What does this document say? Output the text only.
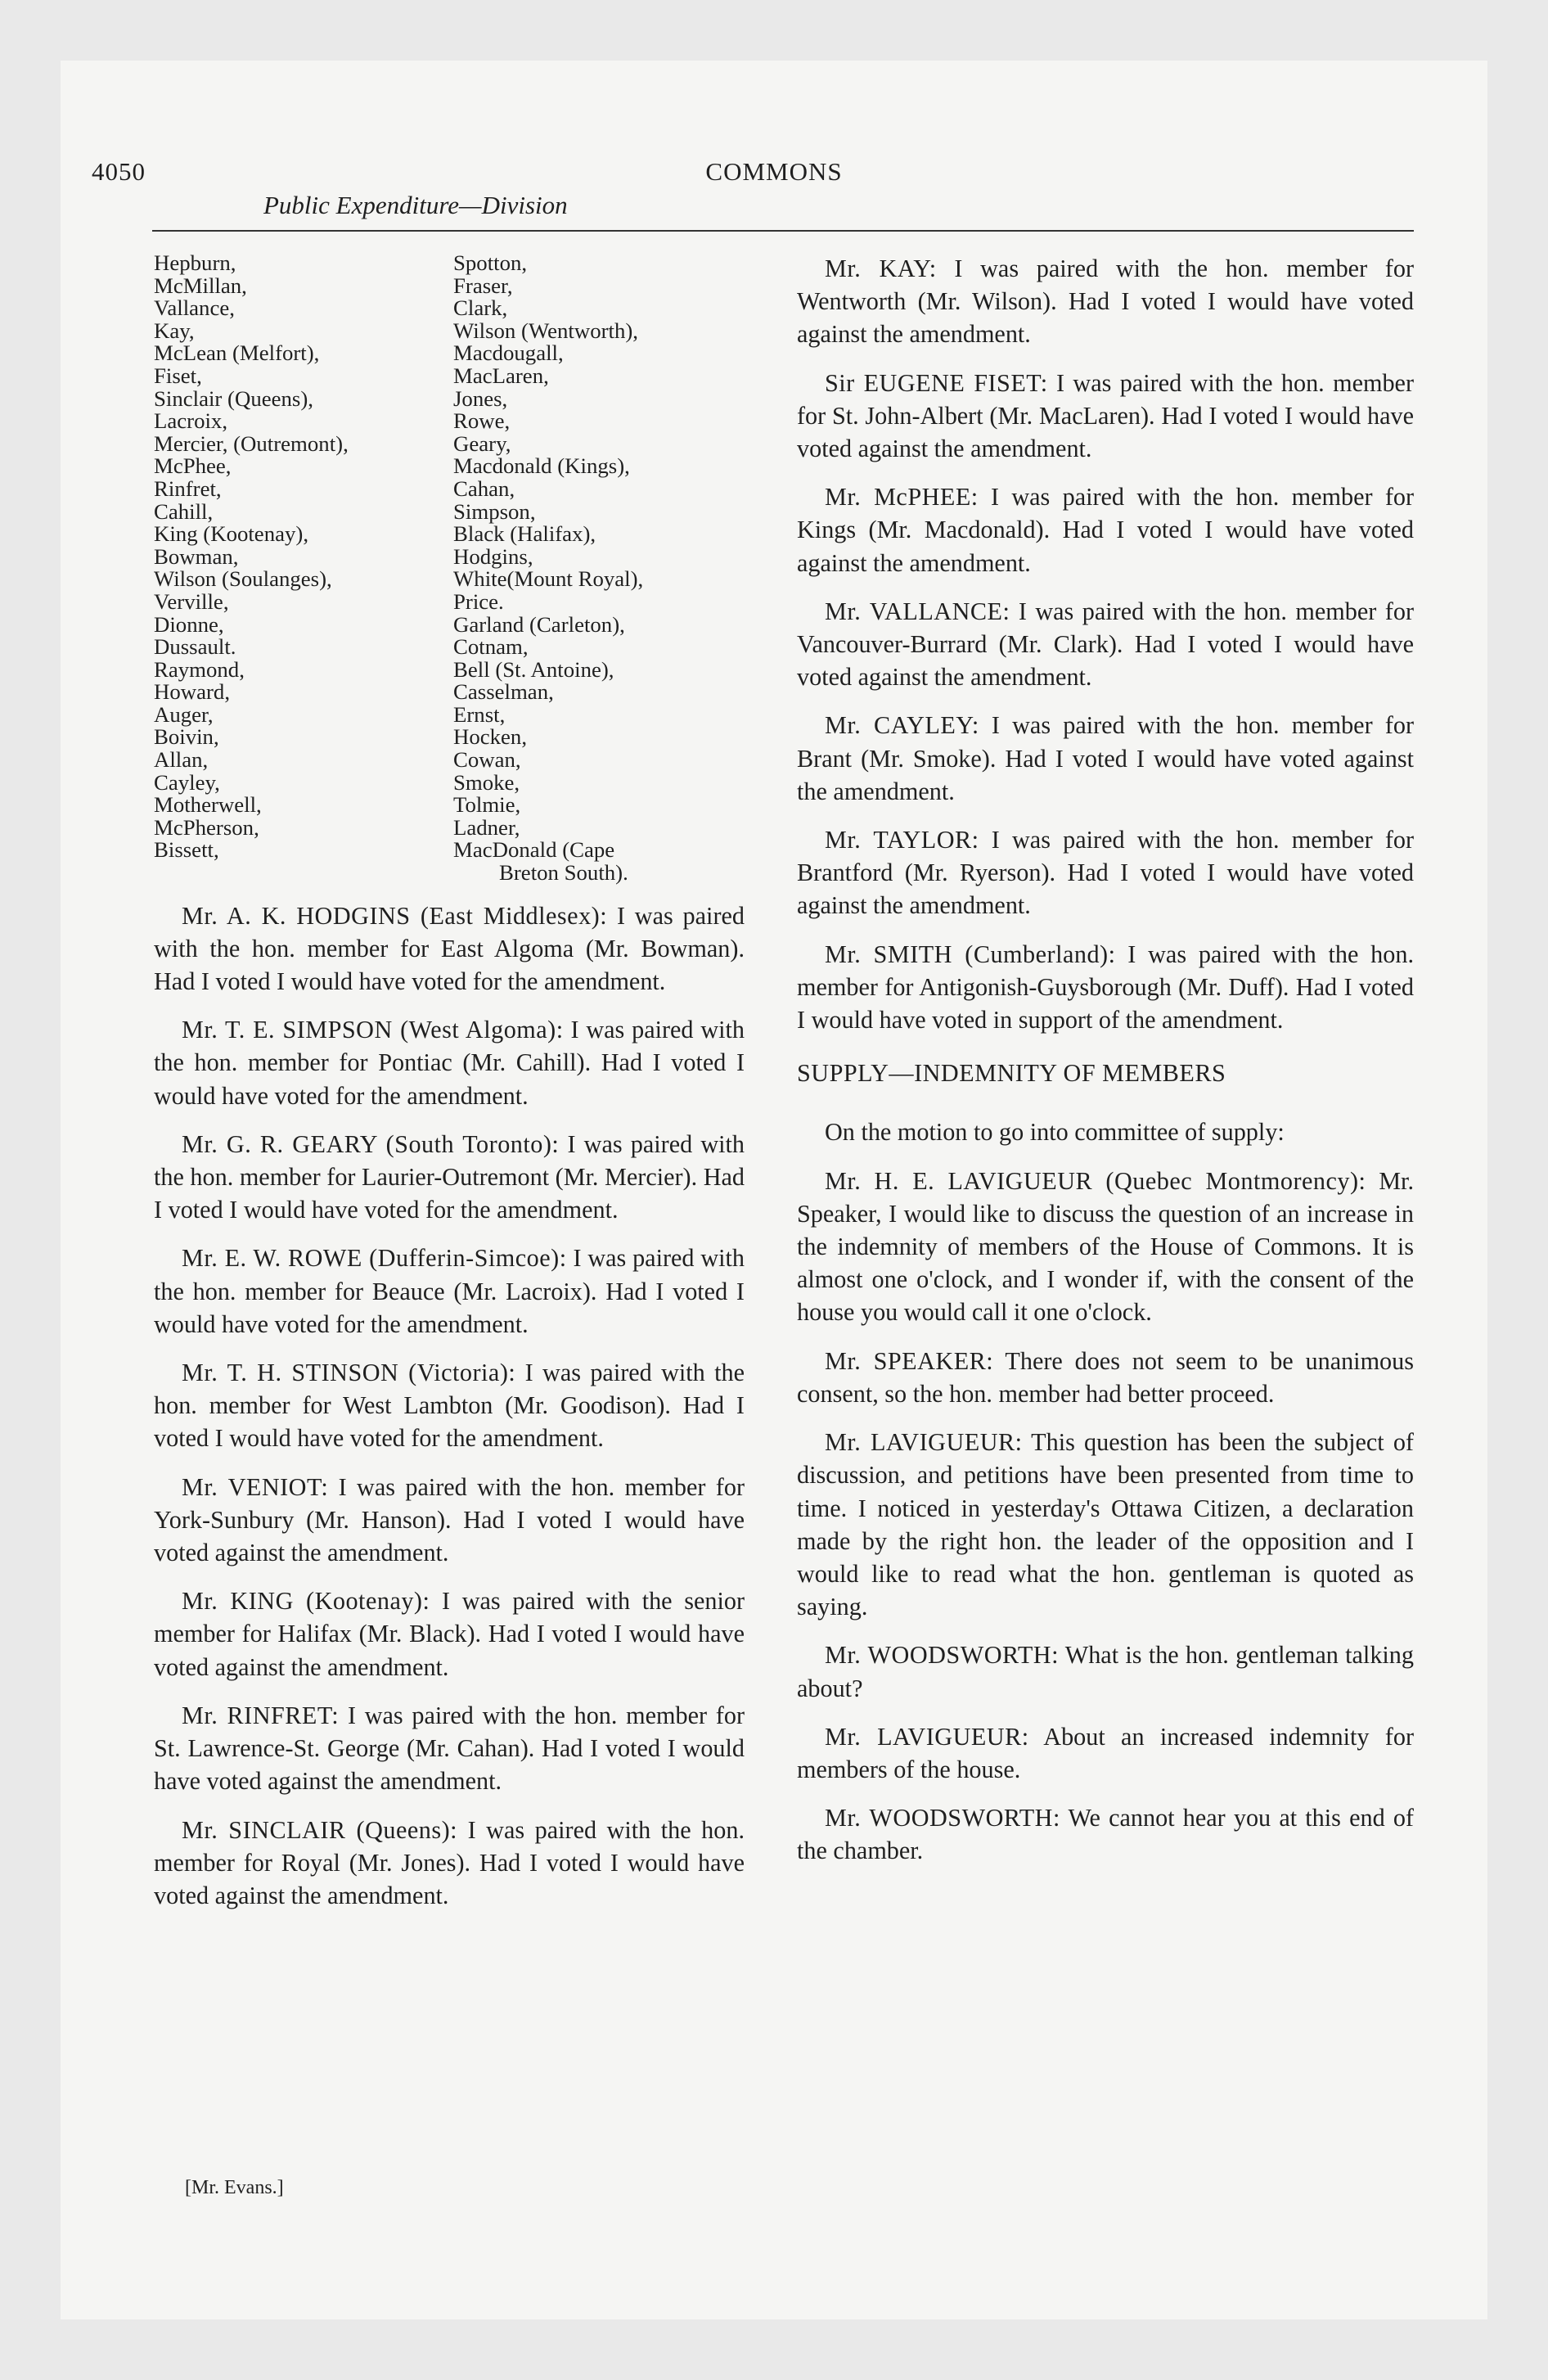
4050	COMMONS
Public Expenditure—Division
Hepburn,
McMillan,
Vallance,
Kay,
McLean (Melfort),
Fiset,
Sinclair (Queens),
Lacroix,
Mercier, (Outremont),
McPhee,
Rinfret,
Cahill,
King (Kootenay),
Bowman,
Wilson (Soulanges),
Verville,
Dionne,
Dussault.
Raymond,
Howard,
Auger,
Boivin,
Allan,
Cayley,
Motherwell,
McPherson,
Bissett,
Spotton,
Fraser,
Clark,
Wilson (Wentworth),
Macdougall,
MacLaren,
Jones,
Rowe,
Geary,
Macdonald (Kings),
Cahan,
Simpson,
Black (Halifax),
Hodgins,
White(Mount Royal),
Price.
Garland (Carleton),
Cotnam,
Bell (St. Antoine),
Casselman,
Ernst,
Hocken,
Cowan,
Smoke,
Tolmie,
Ladner,
MacDonald (Cape
Breton South).

Mr. A. K. HODGINS (East Middlesex): I was paired with the hon. member for East Algoma (Mr. Bowman). Had I voted I would have voted for the amendment.

Mr. T. E. SIMPSON (West Algoma): I was paired with the hon. member for Pontiac (Mr. Cahill). Had I voted I would have voted for the amendment.

Mr. G. R. GEARY (South Toronto): I was paired with the hon. member for Laurier-Outremont (Mr. Mercier). Had I voted I would have voted for the amendment.

Mr. E. W. ROWE (Dufferin-Simcoe): I was paired with the hon. member for Beauce (Mr. Lacroix). Had I voted I would have voted for the amendment.

Mr. T. H. STINSON (Victoria): I was paired with the hon. member for West Lambton (Mr. Goodison). Had I voted I would have voted for the amendment.

Mr. VENIOT: I was paired with the hon. member for York-Sunbury (Mr. Hanson). Had I voted I would have voted against the amendment.

Mr. KING (Kootenay): I was paired with the senior member for Halifax (Mr. Black). Had I voted I would have voted against the amendment.

Mr. RINFRET: I was paired with the hon. member for St. Lawrence-St. George (Mr. Cahan). Had I voted I would have voted against the amendment.

Mr. SINCLAIR (Queens): I was paired with the hon. member for Royal (Mr. Jones). Had I voted I would have voted against the amendment.

Mr. KAY: I was paired with the hon. member for Wentworth (Mr. Wilson). Had I voted I would have voted against the amendment.

Sir EUGENE FISET: I was paired with the hon. member for St. John-Albert (Mr. MacLaren). Had I voted I would have voted against the amendment.

Mr. McPHEE: I was paired with the hon. member for Kings (Mr. Macdonald). Had I voted I would have voted against the amendment.

Mr. VALLANCE: I was paired with the hon. member for Vancouver-Burrard (Mr. Clark). Had I voted I would have voted against the amendment.

Mr. CAYLEY: I was paired with the hon. member for Brant (Mr. Smoke). Had I voted I would have voted against the amendment.

Mr. TAYLOR: I was paired with the hon. member for Brantford (Mr. Ryerson). Had I voted I would have voted against the amendment.

Mr. SMITH (Cumberland): I was paired with the hon. member for Antigonish-Guysborough (Mr. Duff). Had I voted I would have voted in support of the amendment.

SUPPLY—INDEMNITY OF MEMBERS

On the motion to go into committee of supply:

Mr. H. E. LAVIGUEUR (Quebec Montmorency): Mr. Speaker, I would like to discuss the question of an increase in the indemnity of members of the House of Commons. It is almost one o'clock, and I wonder if, with the consent of the house you would call it one o'clock.

Mr. SPEAKER: There does not seem to be unanimous consent, so the hon. member had better proceed.

Mr. LAVIGUEUR: This question has been the subject of discussion, and petitions have been presented from time to time. I noticed in yesterday's Ottawa Citizen, a declaration made by the right hon. the leader of the opposition and I would like to read what the hon. gentleman is quoted as saying.

Mr. WOODSWORTH: What is the hon. gentleman talking about?

Mr. LAVIGUEUR: About an increased indemnity for members of the house.

Mr. WOODSWORTH: We cannot hear you at this end of the chamber.

[Mr. Evans.]
